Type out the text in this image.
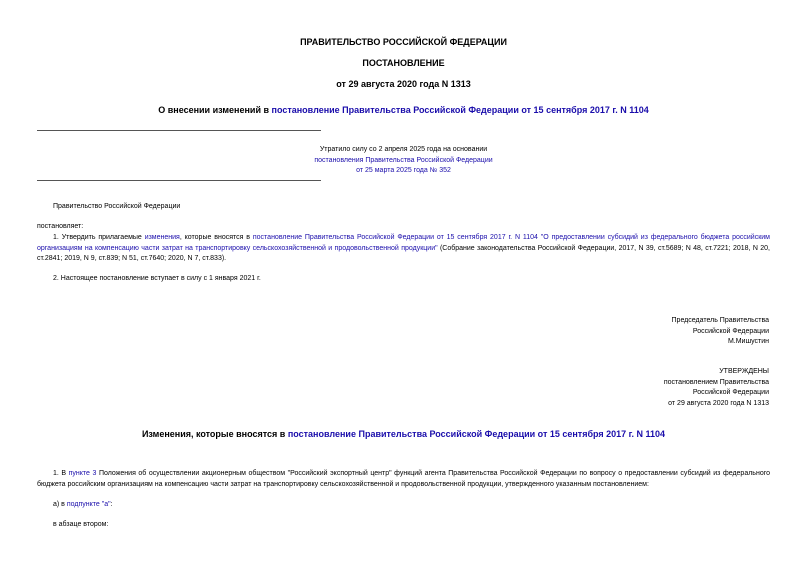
ПРАВИТЕЛЬСТВО РОССИЙСКОЙ ФЕДЕРАЦИИ
ПОСТАНОВЛЕНИЕ
от 29 августа 2020 года N 1313
О внесении изменений в постановление Правительства Российской Федерации от 15 сентября 2017 г. N 1104
Утратило силу со 2 апреля 2025 года на основании
постановления Правительства Российской Федерации
от 25 марта 2025 года № 352
Правительство Российской Федерации
постановляет:
1. Утвердить прилагаемые изменения, которые вносятся в постановление Правительства Российской Федерации от 15 сентября 2017 г. N 1104 "О предоставлении субсидий из федерального бюджета российским организациям на компенсацию части затрат на транспортировку сельскохозяйственной и продовольственной продукции" (Собрание законодательства Российской Федерации, 2017, N 39, ст.5689; N 48, ст.7221; 2018, N 20, ст.2841; 2019, N 9, ст.839; N 51, ст.7640; 2020, N 7, ст.833).
2. Настоящее постановление вступает в силу с 1 января 2021 г.
Председатель Правительства
Российской Федерации
М.Мишустин
УТВЕРЖДЕНЫ
постановлением Правительства
Российской Федерации
от 29 августа 2020 года N 1313
Изменения, которые вносятся в постановление Правительства Российской Федерации от 15 сентября 2017 г. N 1104
1. В пункте 3 Положения об осуществлении акционерным обществом "Российский экспортный центр" функций агента Правительства Российской Федерации по вопросу о предоставлении субсидий из федерального бюджета российским организациям на компенсацию части затрат на транспортировку сельскохозяйственной и продовольственной продукции, утвержденного указанным постановлением:
а) в подпункте "а":
в абзаце втором:
